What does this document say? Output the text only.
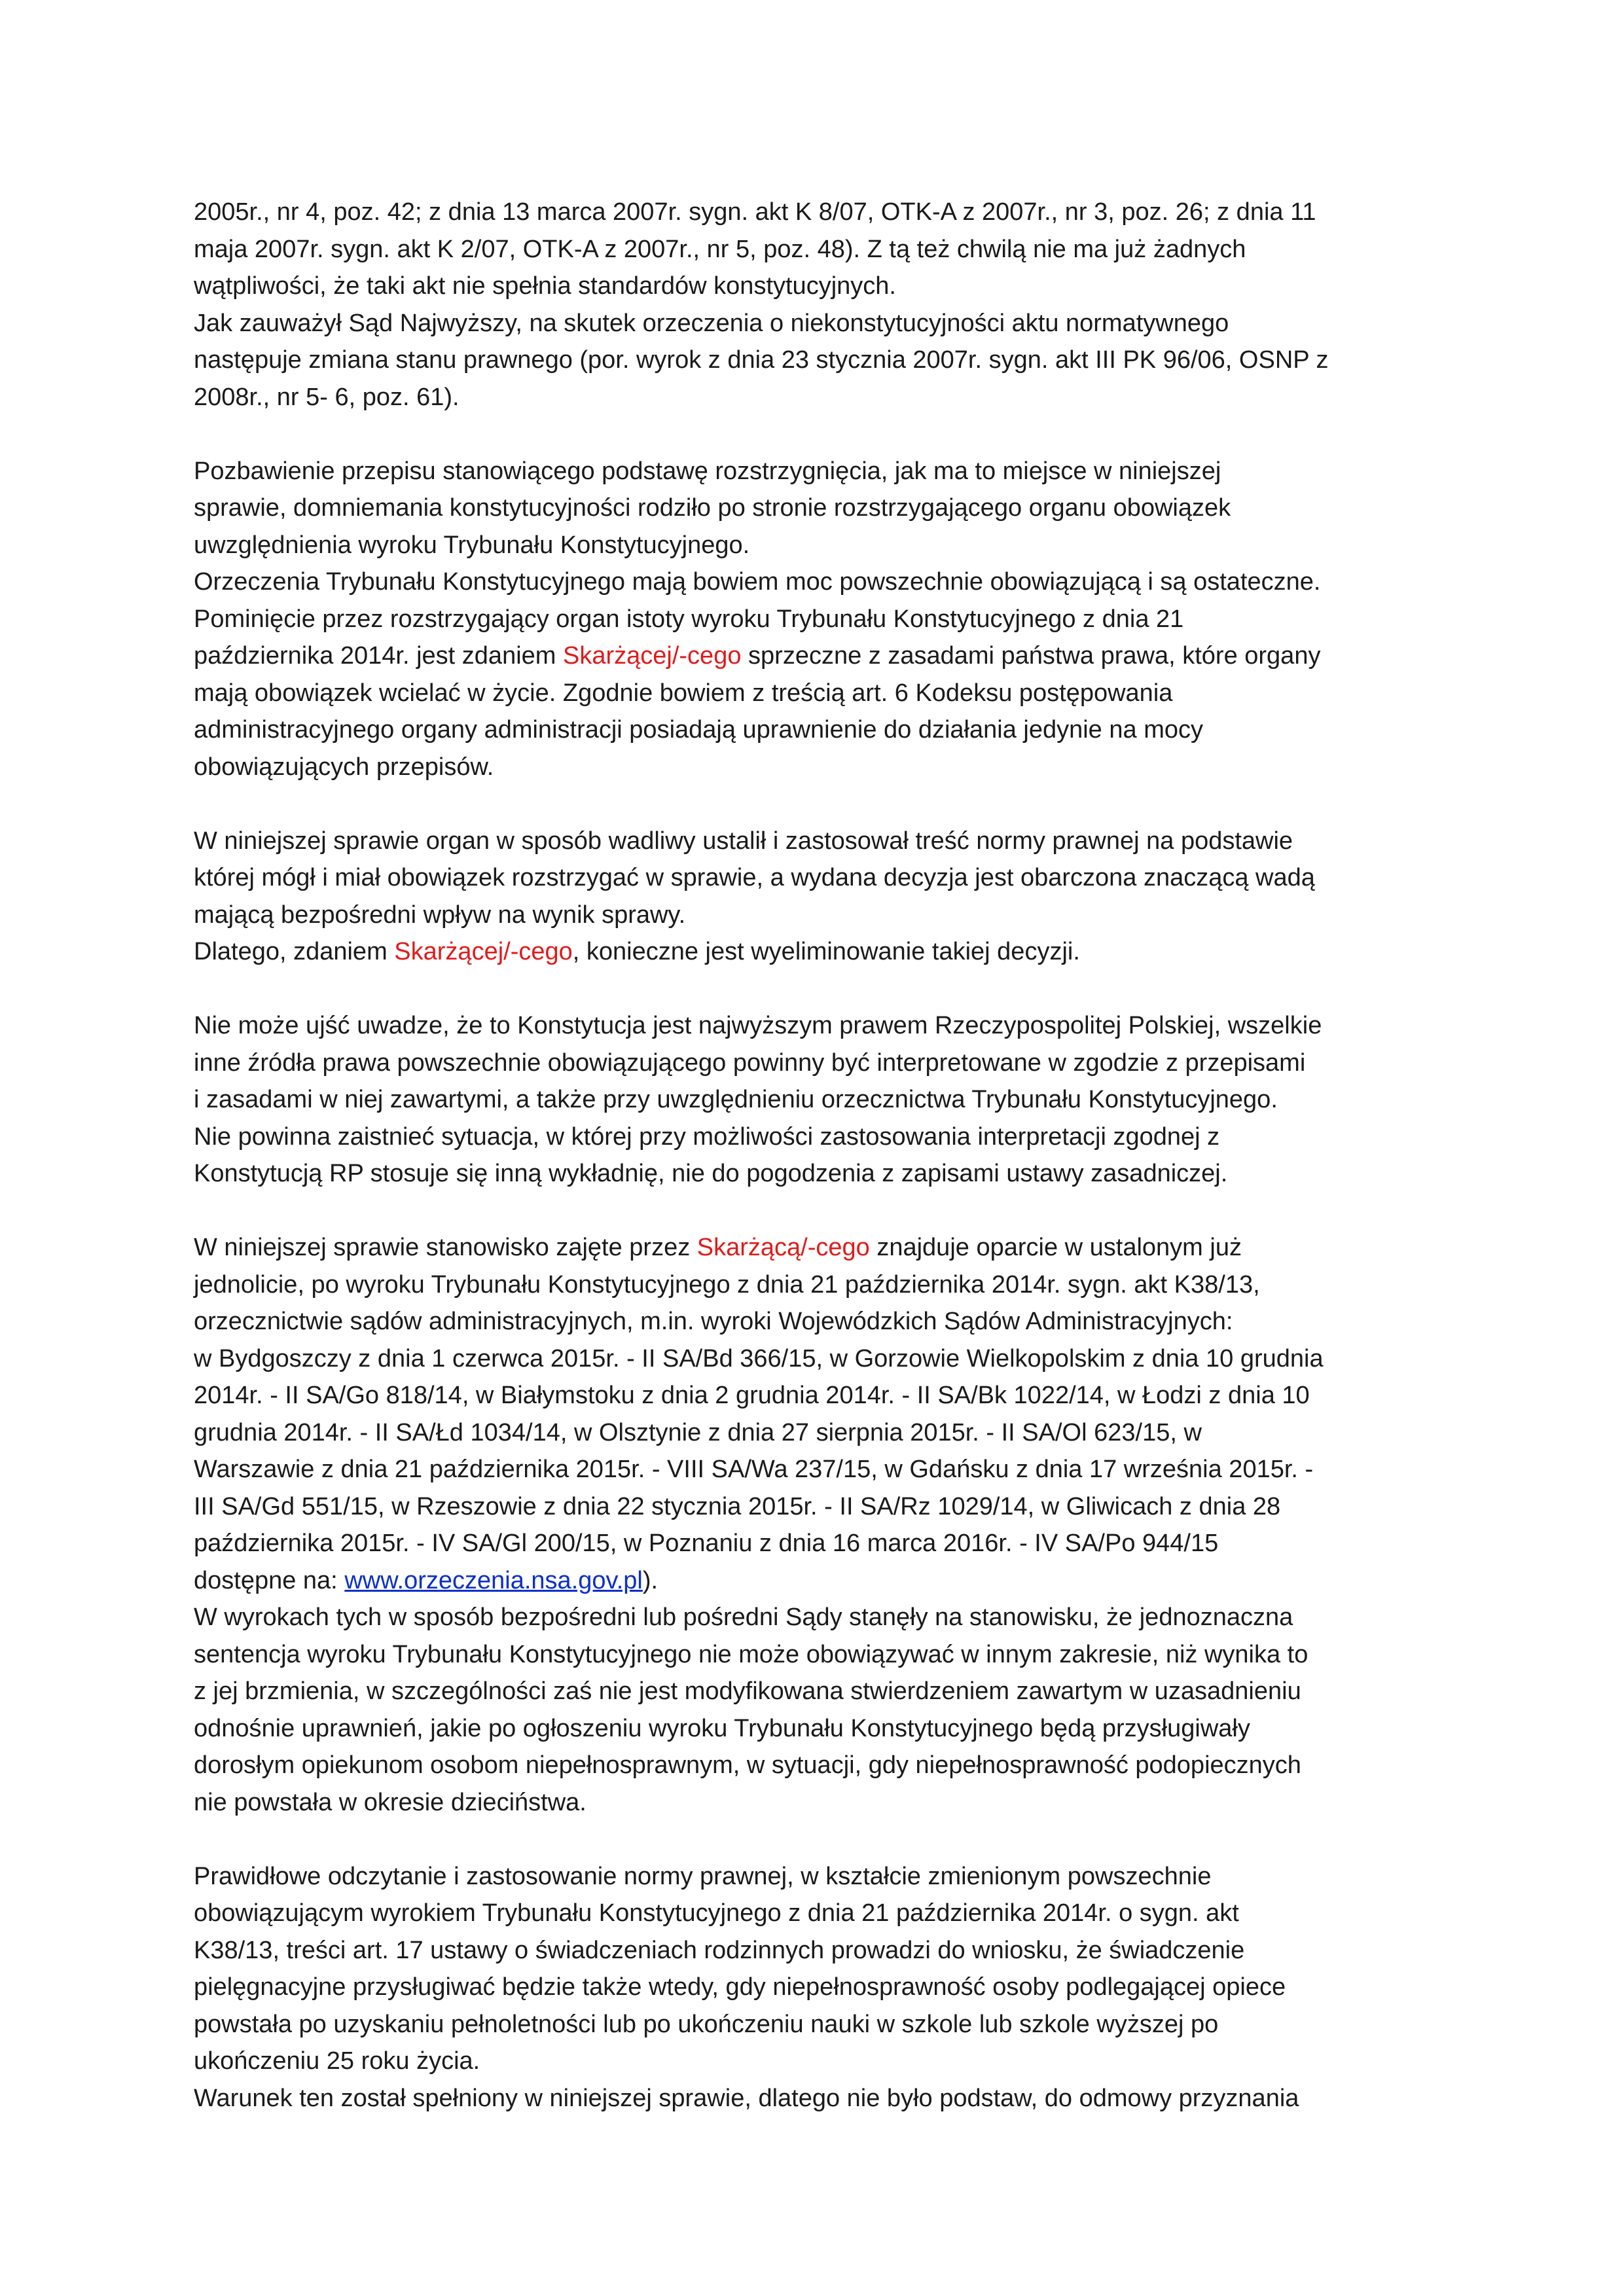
2005r., nr 4, poz. 42; z dnia 13 marca 2007r. sygn. akt K 8/07, OTK-A z 2007r., nr 3, poz. 26; z dnia 11

maja 2007r. sygn. akt K 2/07, OTK-A z 2007r., nr 5, poz. 48). Z tą też chwilą nie ma już żadnych

wątpliwości, że taki akt nie spełnia standardów konstytucyjnych.

Jak zauważył Sąd Najwyższy, na skutek orzeczenia o niekonstytucyjności aktu normatywnego

następuje zmiana stanu prawnego (por. wyrok z dnia 23 stycznia 2007r. sygn. akt III PK 96/06, OSNP z

2008r., nr 5- 6, poz. 61).

Pozbawienie przepisu stanowiącego podstawę rozstrzygnięcia, jak ma to miejsce w niniejszej

sprawie, domniemania konstytucyjności rodziło po stronie rozstrzygającego organu obowiązek

uwzględnienia wyroku Trybunału Konstytucyjnego.

Orzeczenia Trybunału Konstytucyjnego mają bowiem moc powszechnie obowiązującą i są ostateczne.

Pominięcie przez rozstrzygający organ istoty wyroku Trybunału Konstytucyjnego z dnia 21

października 2014r. jest zdaniem Skarżącej/-cego sprzeczne z zasadami państwa prawa, które organy

mają obowiązek wcielać w życie. Zgodnie bowiem z treścią art. 6 Kodeksu postępowania

administracyjnego organy administracji posiadają uprawnienie do działania jedynie na mocy

obowiązujących przepisów.

W niniejszej sprawie organ w sposób wadliwy ustalił i zastosował treść normy prawnej na podstawie

której mógł i miał obowiązek rozstrzygać w sprawie, a wydana decyzja jest obarczona znaczącą wadą

mającą bezpośredni wpływ na wynik sprawy.

Dlatego, zdaniem Skarżącej/-cego, konieczne jest wyeliminowanie takiej decyzji.

Nie może ujść uwadze, że to Konstytucja jest najwyższym prawem Rzeczypospolitej Polskiej, wszelkie

inne źródła prawa powszechnie obowiązującego powinny być interpretowane w zgodzie z przepisami

i zasadami w niej zawartymi, a także przy uwzględnieniu orzecznictwa Trybunału Konstytucyjnego.

Nie powinna zaistnieć sytuacja, w której przy możliwości zastosowania interpretacji zgodnej z

Konstytucją RP stosuje się inną wykładnię, nie do pogodzenia z zapisami ustawy zasadniczej.

W niniejszej sprawie stanowisko zajęte przez Skarżącą/-cego znajduje oparcie w ustalonym już

jednolicie, po wyroku Trybunału Konstytucyjnego z dnia 21 października 2014r. sygn. akt K38/13,

orzecznictwie sądów administracyjnych, m.in. wyroki Wojewódzkich Sądów Administracyjnych:

w Bydgoszczy z dnia 1 czerwca 2015r. - II SA/Bd 366/15, w Gorzowie Wielkopolskim z dnia 10 grudnia

2014r. - II SA/Go 818/14, w Białymstoku z dnia 2 grudnia 2014r. - II SA/Bk 1022/14, w Łodzi z dnia 10

grudnia 2014r. - II SA/Łd 1034/14, w Olsztynie z dnia 27 sierpnia 2015r. - II SA/Ol 623/15, w

Warszawie z dnia 21 października 2015r. - VIII SA/Wa 237/15, w Gdańsku z dnia 17 września 2015r. -

III SA/Gd 551/15, w Rzeszowie z dnia 22 stycznia 2015r. - II SA/Rz 1029/14, w Gliwicach z dnia 28

października 2015r. - IV SA/Gl 200/15, w Poznaniu z dnia 16 marca 2016r. - IV SA/Po 944/15

dostępne na: www.orzeczenia.nsa.gov.pl).

W wyrokach tych w sposób bezpośredni lub pośredni Sądy stanęły na stanowisku, że jednoznaczna

sentencja wyroku Trybunału Konstytucyjnego nie może obowiązywać w innym zakresie, niż wynika to

z jej brzmienia, w szczególności zaś nie jest modyfikowana stwierdzeniem zawartym w uzasadnieniu

odnośnie uprawnień, jakie po ogłoszeniu wyroku Trybunału Konstytucyjnego będą przysługiwały

dorosłym opiekunom osobom niepełnosprawnym, w sytuacji, gdy niepełnosprawność podopiecznych

nie powstała w okresie dzieciństwa.

Prawidłowe odczytanie i zastosowanie normy prawnej, w kształcie zmienionym powszechnie

obowiązującym wyrokiem Trybunału Konstytucyjnego z dnia 21 października 2014r. o sygn. akt

K38/13, treści art. 17 ustawy o świadczeniach rodzinnych prowadzi do wniosku, że świadczenie

pielęgnacyjne przysługiwać będzie także wtedy, gdy niepełnosprawność osoby podlegającej opiece

powstała po uzyskaniu pełnoletności lub po ukończeniu nauki w szkole lub szkole wyższej po

ukończeniu 25 roku życia.

Warunek ten został spełniony w niniejszej sprawie, dlatego nie było podstaw, do odmowy przyznania
